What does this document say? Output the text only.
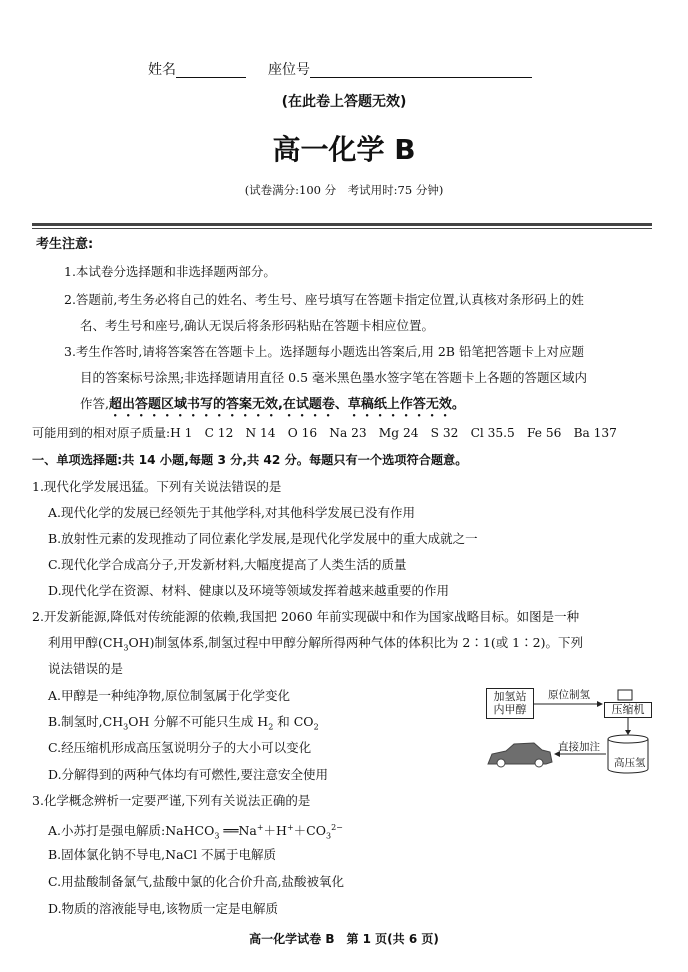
姓名	座位号
(在此卷上答题无效)
高一化学 B
(试卷满分:100 分　考试用时:75 分钟)
考生注意:
1.本试卷分选择题和非选择题两部分。
2.答题前,考生务必将自己的姓名、考生号、座号填写在答题卡指定位置,认真核对条形码上的姓
名、考生号和座号,确认无误后将条形码粘贴在答题卡相应位置。
3.考生作答时,请将答案答在答题卡上。选择题每小题选出答案后,用 2B 铅笔把答题卡上对应题
目的答案标号涂黑;非选择题请用直径 0.5 毫米黑色墨水签字笔在答题卡上各题的答题区域内
作答,超出答题区域书写的答案无效,在试题卷、草稿纸上作答无效。
可能用到的相对原子质量:H 1　C 12　N 14　O 16　Na 23　Mg 24　S 32　Cl 35.5　Fe 56　Ba 137
一、单项选择题:共 14 小题,每题 3 分,共 42 分。每题只有一个选项符合题意。
1.现代化学发展迅猛。下列有关说法错误的是
A.现代化学的发展已经领先于其他学科,对其他科学发展已没有作用
B.放射性元素的发现推动了同位素化学发展,是现代化学发展中的重大成就之一
C.现代化学合成高分子,开发新材料,大幅度提高了人类生活的质量
D.现代化学在资源、材料、健康以及环境等领域发挥着越来越重要的作用
2.开发新能源,降低对传统能源的依赖,我国把 2060 年前实现碳中和作为国家战略目标。如图是一种
利用甲醇$(CH_3OH)$制氢体系,制氢过程中甲醇分解所得两种气体的体积比为 2∶1(或 1∶2)。下列
说法错误的是
A.甲醇是一种纯净物,原位制氢属于化学变化
B.制氢时$,CH_3OH$ 分解不可能只生成 $H_2$ 和 $CO_2$
C.经压缩机形成高压氢说明分子的大小可以变化
D.分解得到的两种气体均有可燃性,要注意安全使用
加氢站
内甲醇
原位制氢
压缩机
高压氢
直接加注
3.化学概念辨析一定要严谨,下列有关说法正确的是
A.小苏打是强电解质:NaHCO$_3$ $══Na^++H^++CO_3^{2-}$
B.固体氯化钠不导电,NaCl 不属于电解质
C.用盐酸制备氯气,盐酸中氯的化合价升高,盐酸被氧化
D.物质的溶液能导电,该物质一定是电解质
高一化学试卷 B　第 1 页(共 6 页)
